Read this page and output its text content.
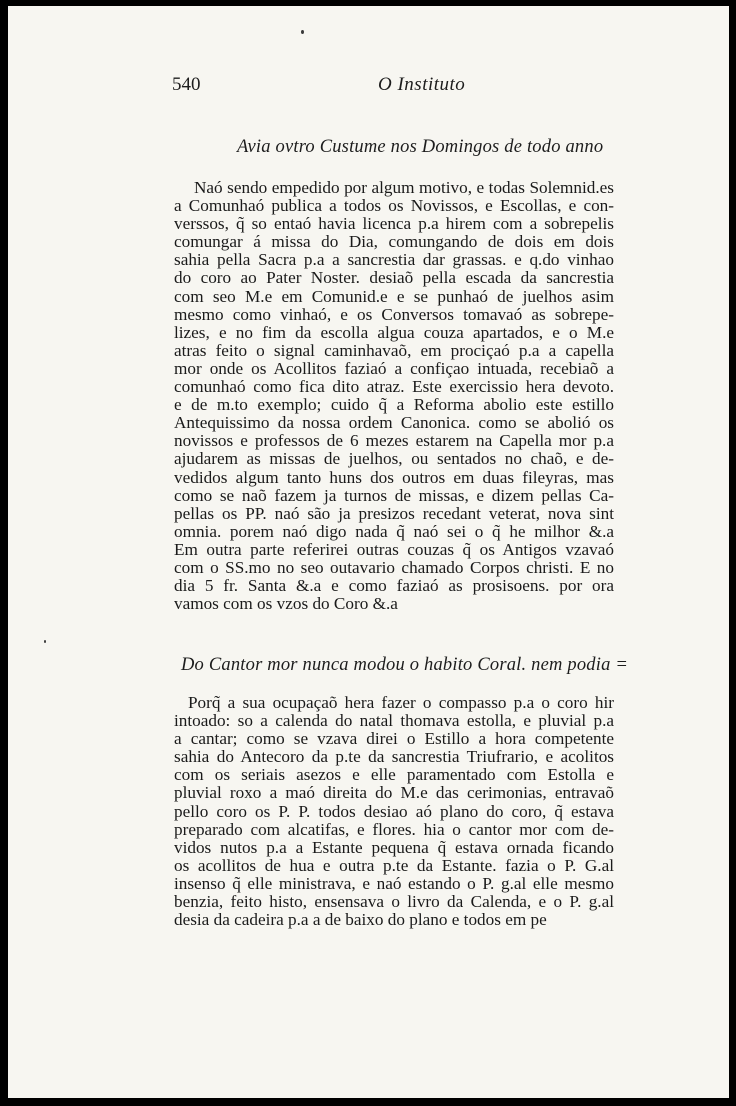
540	O Instituto
Avia ovtro Custume nos Domingos de todo anno
Naó sendo empedido por algum motivo, e todas Solemnid.es
a Comunhaó publica a todos os Novissos, e Escollas, e con-
verssos, q̃ so entaó havia licenca p.a hirem com a sobrepelis
comungar á missa do Dia, comungando de dois em dois
sahia pella Sacra p.a a sancrestia dar grassas. e q.do vinhao
do coro ao Pater Noster. desiaõ pella escada da sancrestia
com seo M.e em Comunid.e e se punhaó de juelhos asim
mesmo como vinhaó, e os Conversos tomavaó as sobrepe-
lizes, e no fim da escolla algua couza apartados, e o M.e
atras feito o signal caminhavaõ, em prociçaó p.a a capella
mor onde os Acollitos faziaó a confiçao intuada, recebiaõ a
comunhaó como fica dito atraz. Este exercissio hera devoto.
e de m.to exemplo; cuido q̃ a Reforma abolio este estillo
Antequissimo da nossa ordem Canonica. como se abolió os
novissos e professos de 6 mezes estarem na Capella mor p.a
ajudarem as missas de juelhos, ou sentados no chaõ, e de-
vedidos algum tanto huns dos outros em duas fileyras, mas
como se naõ fazem ja turnos de missas, e dizem pellas Ca-
pellas os PP. naó são ja presizos recedant veterat, nova sint
omnia. porem naó digo nada q̃ naó sei o q̃ he milhor &.a
Em outra parte referirei outras couzas q̃ os Antigos vzavaó
com o SS.mo no seo outavario chamado Corpos christi. E no
dia 5 fr. Santa &.a e como faziaó as prosisoens. por ora
vamos com os vzos do Coro &.a
Do Cantor mor nunca modou o habito Coral. nem podia =
Porq̃ a sua ocupaçaõ hera fazer o compasso p.a o coro hir
intoado: so a calenda do natal thomava estolla, e pluvial p.a
a cantar; como se vzava direi o Estillo a hora competente
sahia do Antecoro da p.te da sancrestia Triufrario, e acolitos
com os seriais asezos e elle paramentado com Estolla e
pluvial roxo a maó direita do M.e das cerimonias, entravaõ
pello coro os P. P. todos desiao aó plano do coro, q̃ estava
preparado com alcatifas, e flores. hia o cantor mor com de-
vidos nutos p.a a Estante pequena q̃ estava ornada ficando
os acollitos de hua e outra p.te da Estante. fazia o P. G.al
insenso q̃ elle ministrava, e naó estando o P. g.al elle mesmo
benzia, feito histo, ensensava o livro da Calenda, e o P. g.al
desia da cadeira p.a a de baixo do plano e todos em pe
